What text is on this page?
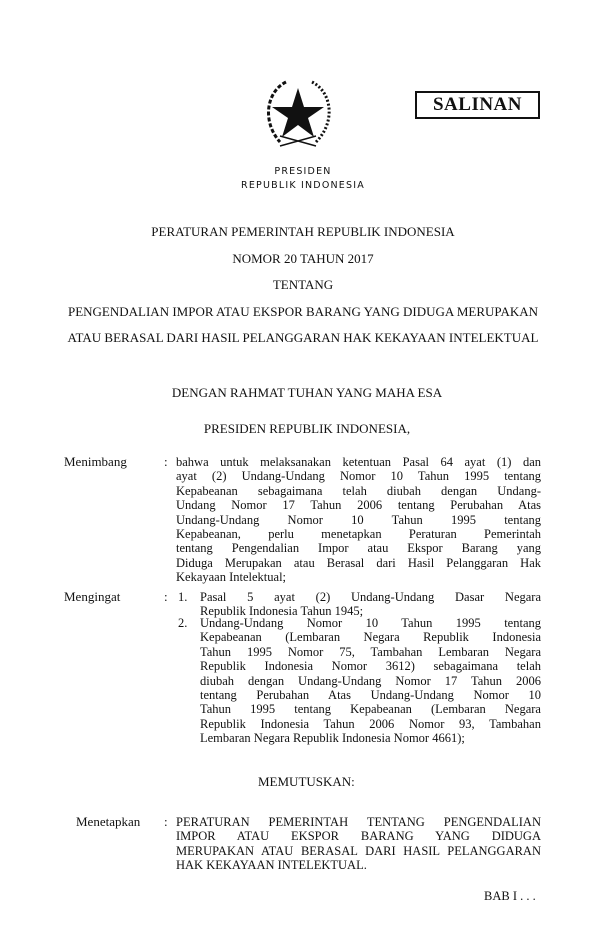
SALINAN
PRESIDEN
REPUBLIK INDONESIA
PERATURAN PEMERINTAH REPUBLIK INDONESIA
NOMOR 20 TAHUN 2017
TENTANG
PENGENDALIAN IMPOR ATAU EKSPOR BARANG YANG DIDUGA MERUPAKAN
ATAU BERASAL DARI HASIL PELANGGARAN HAK KEKAYAAN INTELEKTUAL
DENGAN RAHMAT TUHAN YANG MAHA ESA
PRESIDEN REPUBLIK INDONESIA,
Menimbang	: bahwa untuk melaksanakan ketentuan Pasal 64 ayat (1) dan
ayat (2) Undang-Undang Nomor 10 Tahun 1995 tentang
Kepabeanan sebagaimana telah diubah dengan Undang-
Undang Nomor 17 Tahun 2006 tentang Perubahan Atas
Undang-Undang Nomor 10 Tahun 1995 tentang
Kepabeanan, perlu menetapkan Peraturan Pemerintah
tentang Pengendalian Impor atau Ekspor Barang yang
Diduga Merupakan atau Berasal dari Hasil Pelanggaran Hak
Kekayaan Intelektual;
Mengingat	: 1. Pasal 5 ayat (2) Undang-Undang Dasar Negara
Republik Indonesia Tahun 1945;
2. Undang-Undang Nomor 10 Tahun 1995 tentang
Kepabeanan (Lembaran Negara Republik Indonesia
Tahun 1995 Nomor 75, Tambahan Lembaran Negara
Republik Indonesia Nomor 3612) sebagaimana telah
diubah dengan Undang-Undang Nomor 17 Tahun 2006
tentang Perubahan Atas Undang-Undang Nomor 10
Tahun 1995 tentang Kepabeanan (Lembaran Negara
Republik Indonesia Tahun 2006 Nomor 93, Tambahan
Lembaran Negara Republik Indonesia Nomor 4661);
MEMUTUSKAN:
Menetapkan : PERATURAN PEMERINTAH TENTANG PENGENDALIAN
IMPOR ATAU EKSPOR BARANG YANG DIDUGA
MERUPAKAN ATAU BERASAL DARI HASIL PELANGGARAN
HAK KEKAYAAN INTELEKTUAL.
BAB I . . .
